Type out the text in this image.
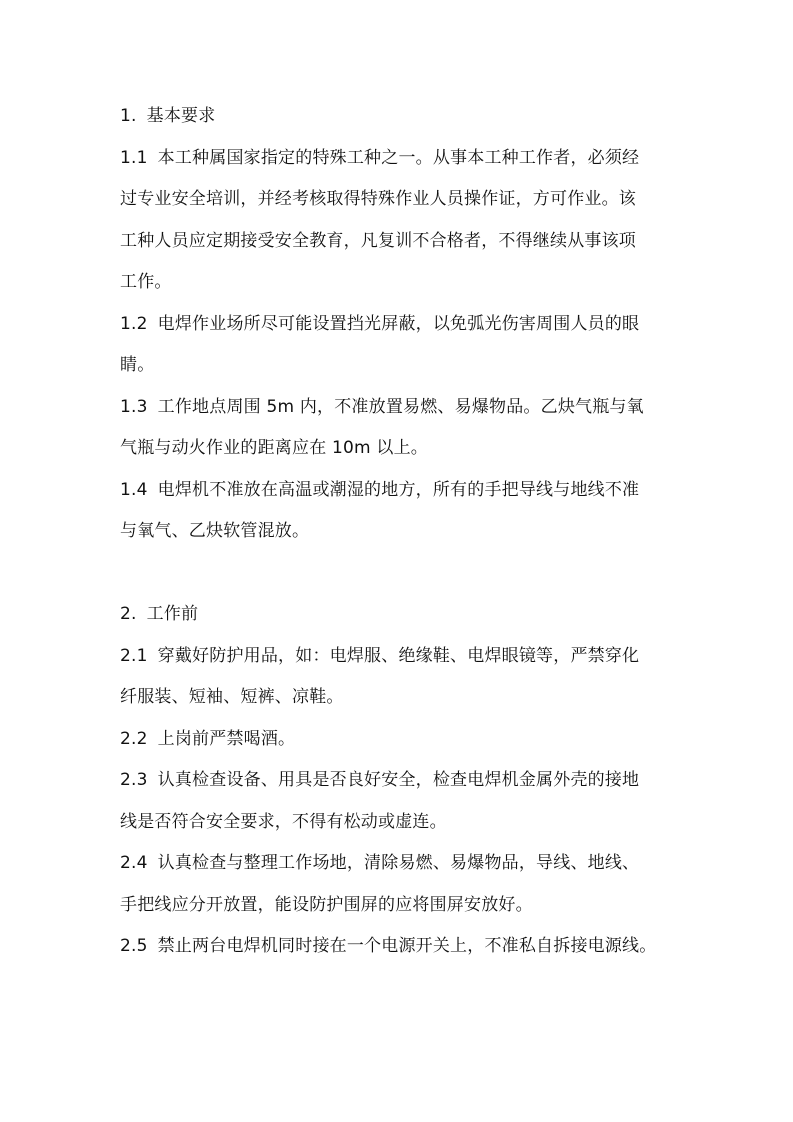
1. 基本要求
1.1 本工种属国家指定的特殊工种之一。从事本工种工作者，必须经
过专业安全培训，并经考核取得特殊作业人员操作证，方可作业。该
工种人员应定期接受安全教育，凡复训不合格者，不得继续从事该项
工作。
1.2 电焊作业场所尽可能设置挡光屏蔽，以免弧光伤害周围人员的眼
睛。
1.3 工作地点周围 5m 内，不准放置易燃、易爆物品。乙炔气瓶与氧
气瓶与动火作业的距离应在 10m 以上。
1.4 电焊机不准放在高温或潮湿的地方，所有的手把导线与地线不准
与氧气、乙炔软管混放。
2. 工作前
2.1 穿戴好防护用品，如：电焊服、绝缘鞋、电焊眼镜等，严禁穿化
纤服装、短袖、短裤、凉鞋。
2.2 上岗前严禁喝酒。
2.3 认真检查设备、用具是否良好安全，检查电焊机金属外壳的接地
线是否符合安全要求，不得有松动或虚连。
2.4 认真检查与整理工作场地，清除易燃、易爆物品，导线、地线、
手把线应分开放置，能设防护围屏的应将围屏安放好。
2.5 禁止两台电焊机同时接在一个电源开关上，不准私自拆接电源线。
